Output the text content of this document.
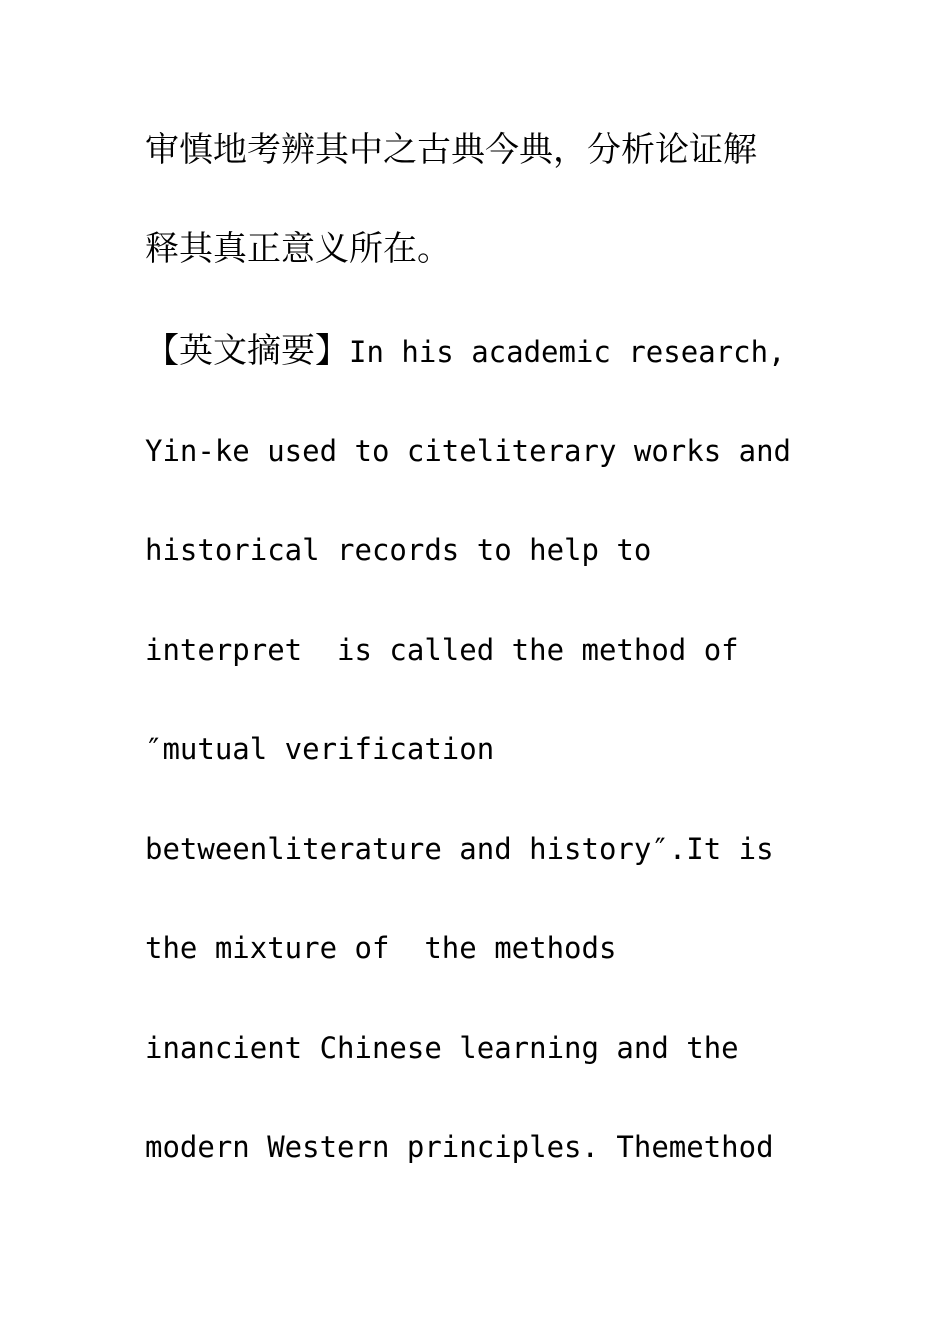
审慎地考辨其中之古典今典，分析论证解
释其真正意义所在。
【英文摘要】In his academic research,
Yin-ke used to citeliterary works and
historical records to help to
interpret  is called the method of
″mutual verification
betweenliterature and history″.It is
the mixture of  the methods
inancient Chinese learning and the
modern Western principles. Themethod
